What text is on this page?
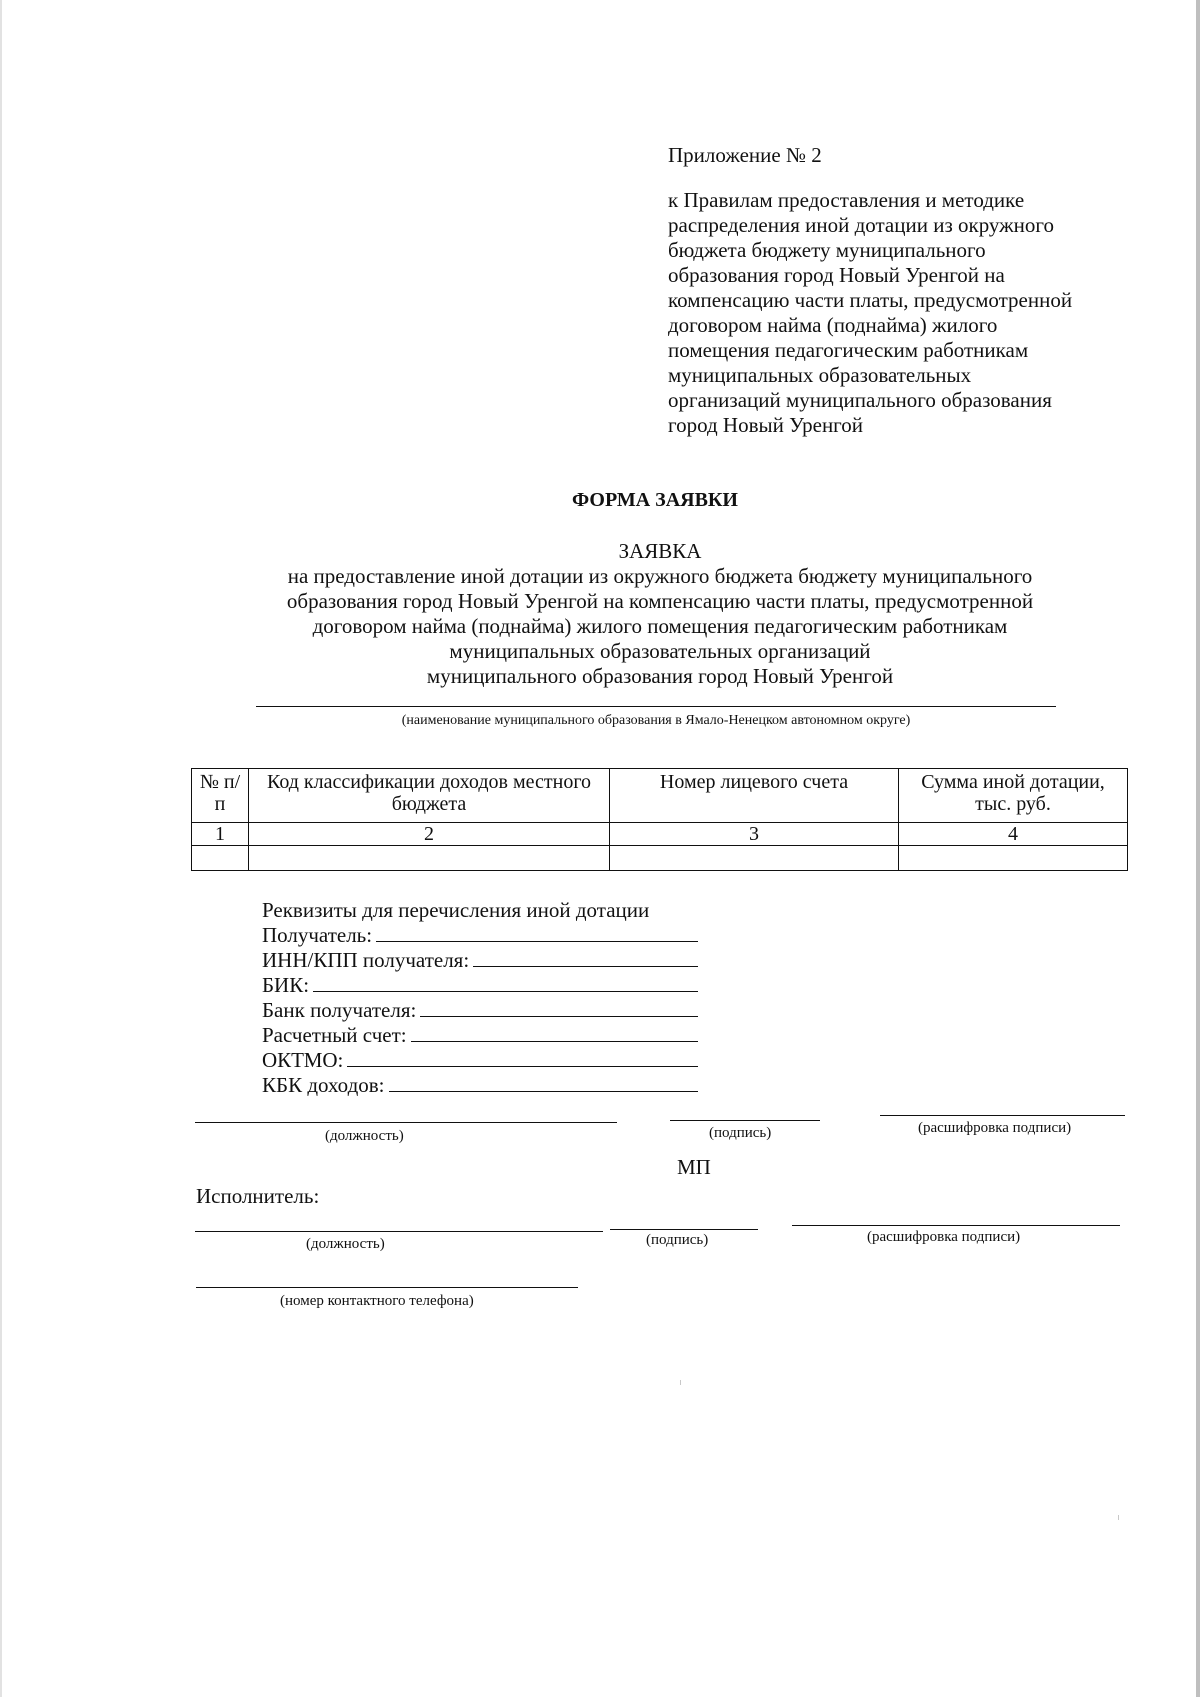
Приложение № 2

к Правилам предоставления и методике
распределения иной дотации из окружного
бюджета бюджету муниципального
образования город Новый Уренгой на
компенсацию части платы, предусмотренной
договором найма (поднайма) жилого
помещения педагогическим работникам
муниципальных образовательных
организаций муниципального образования
город Новый Уренгой

ФОРМА ЗАЯВКИ

ЗАЯВКА

на предоставление иной дотации из окружного бюджета бюджету муниципального

образования город Новый Уренгой на компенсацию части платы, предусмотренной

договором найма (поднайма) жилого помещения педагогическим работникам

муниципальных образовательных организаций

муниципального образования город Новый Уренгой

(наименование муниципального образования в Ямало-Ненецком автономном округе)
№ п/п	Код классификации доходов местного бюджета	Номер лицевого счета	Сумма иной дотации, тыс. руб.
1	2	3	4

Реквизиты для перечисления иной дотации

Получатель:
ИНН/КПП получателя:
БИК:
Банк получателя:
Расчетный счет:
ОКТМО:
КБК доходов:
(должность)	(подпись)	(расшифровка подписи)
МП
Исполнитель:
(должность)	(подпись)	(расшифровка подписи)
(номер контактного телефона)
